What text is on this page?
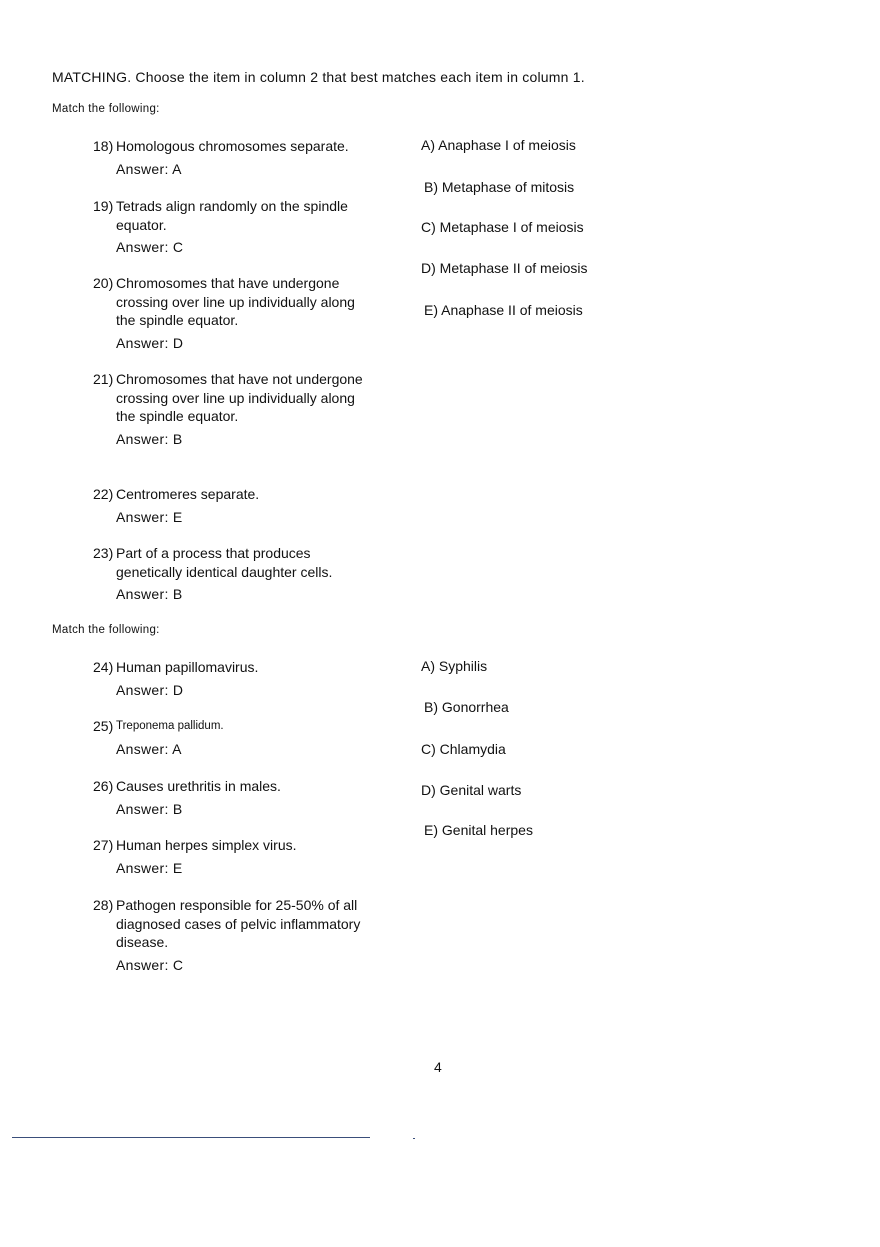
MATCHING. Choose the item in column 2 that best matches each item in column 1.
Match the following:
18) Homologous chromosomes separate.
Answer: A
19) Tetrads align randomly on the spindle equator.
Answer: C
20) Chromosomes that have undergone crossing over line up individually along the spindle equator.
Answer: D
21) Chromosomes that have not undergone crossing over line up individually along the spindle equator.
Answer: B
22) Centromeres separate.
Answer: E
23) Part of a process that produces genetically identical daughter cells.
Answer: B
A) Anaphase I of meiosis
B) Metaphase of mitosis
C) Metaphase I of meiosis
D) Metaphase II of meiosis
E) Anaphase II of meiosis
Match the following:
24) Human papillomavirus.
Answer: D
25) Treponema pallidum.
Answer: A
26) Causes urethritis in males.
Answer: B
27) Human herpes simplex virus.
Answer: E
28) Pathogen responsible for 25-50% of all diagnosed cases of pelvic inflammatory disease.
Answer: C
A) Syphilis
B) Gonorrhea
C) Chlamydia
D) Genital warts
E) Genital herpes
4
